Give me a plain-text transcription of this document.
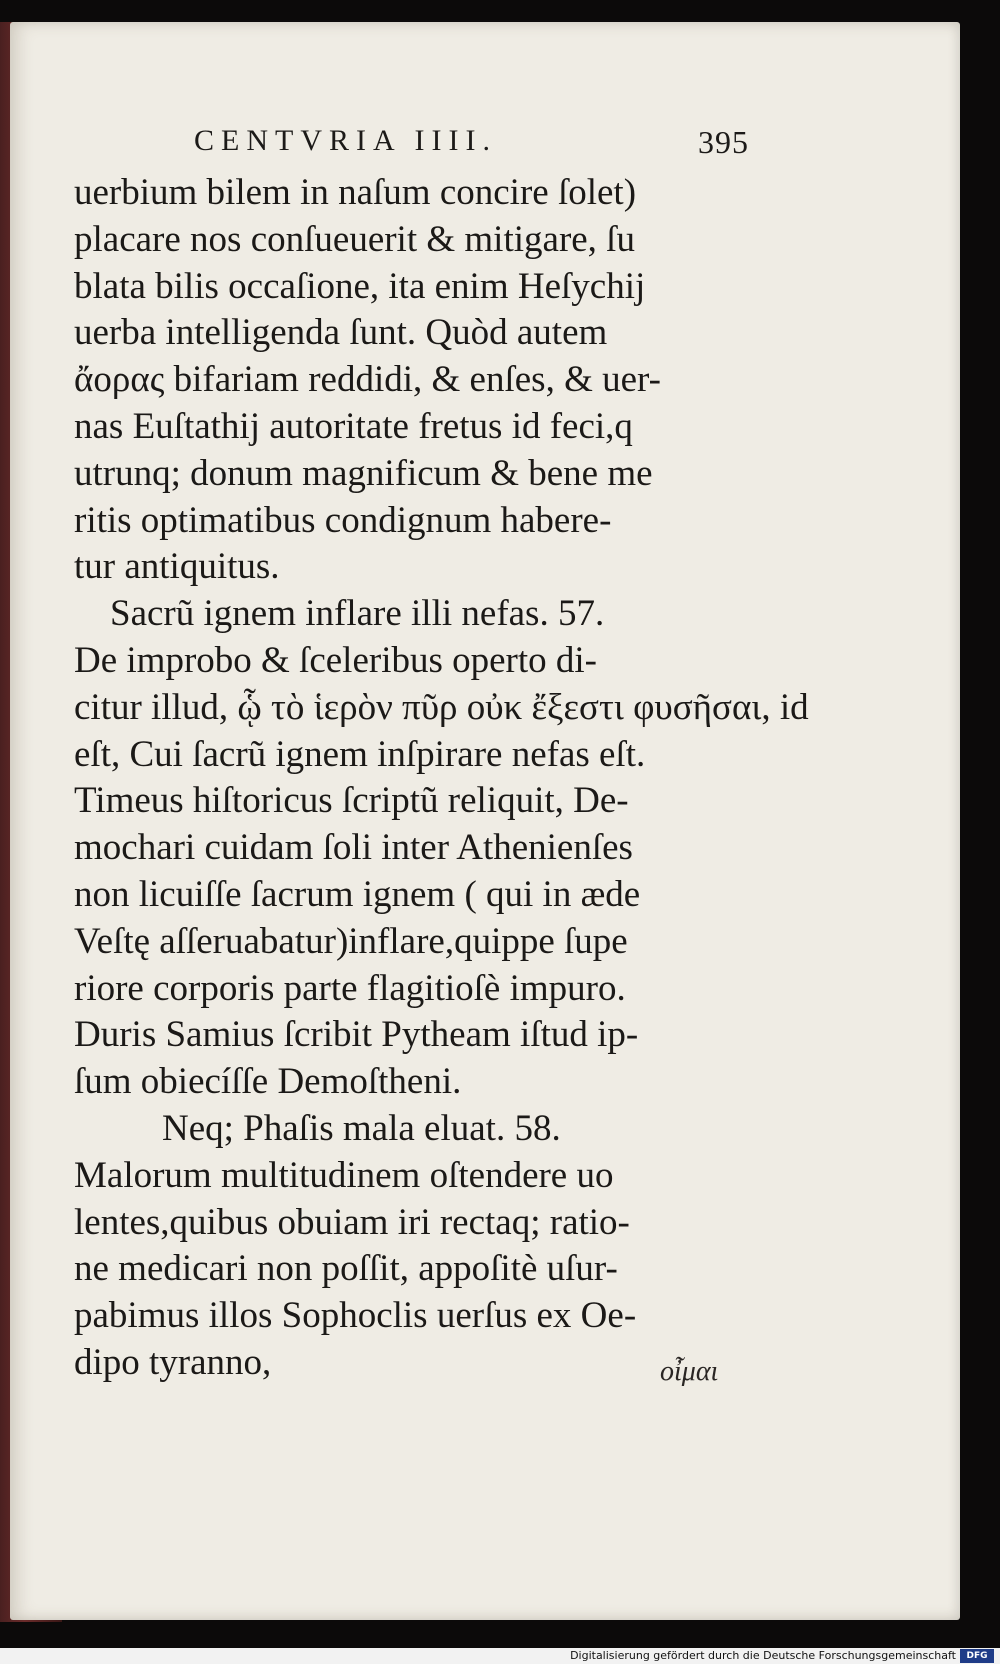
CENTVRIA IIII.	395
uerbium bilem in naſum concire ſolet)
placare nos conſueuerit & mitigare, ſu
blata bilis occaſione, ita enim Heſychij
uerba intelligenda ſunt. Quòd autem
ἄορας bifariam reddidi, & enſes, & uer-
nas Euſtathij autoritate fretus id feci,q
utrunq; donum magnificum & bene me
ritis optimatibus condignum habere-
tur antiquitus.
Sacrũ ignem inflare illi nefas. 57.
De improbo & ſceleribus operto di-
citur illud, ᾧ τὸ ἱερὸν πῦρ οὐκ ἔξεστι φυσῆσαι, id
eſt, Cui ſacrũ ignem inſpirare nefas eſt.
Timeus hiſtoricus ſcriptũ reliquit, De-
mochari cuidam ſoli inter Athenienſes
non licuiſſe ſacrum ignem ( qui in æde
Veſtę aſſeruabatur)inflare,quippe ſupe
riore corporis parte flagitioſè impuro.
Duris Samius ſcribit Pytheam iſtud ip-
ſum obiecíſſe Demoſtheni.
Neq; Phaſis mala eluat. 58.
Malorum multitudinem oſtendere uo
lentes,quibus obuiam iri rectaq; ratio-
ne medicari non poſſit, appoſitè uſur-
pabimus illos Sophoclis uerſus ex Oe-
dipo tyranno,	οἶμαι
Digitalisierung gefördert durch die Deutsche Forschungsgemeinschaft	DFG
